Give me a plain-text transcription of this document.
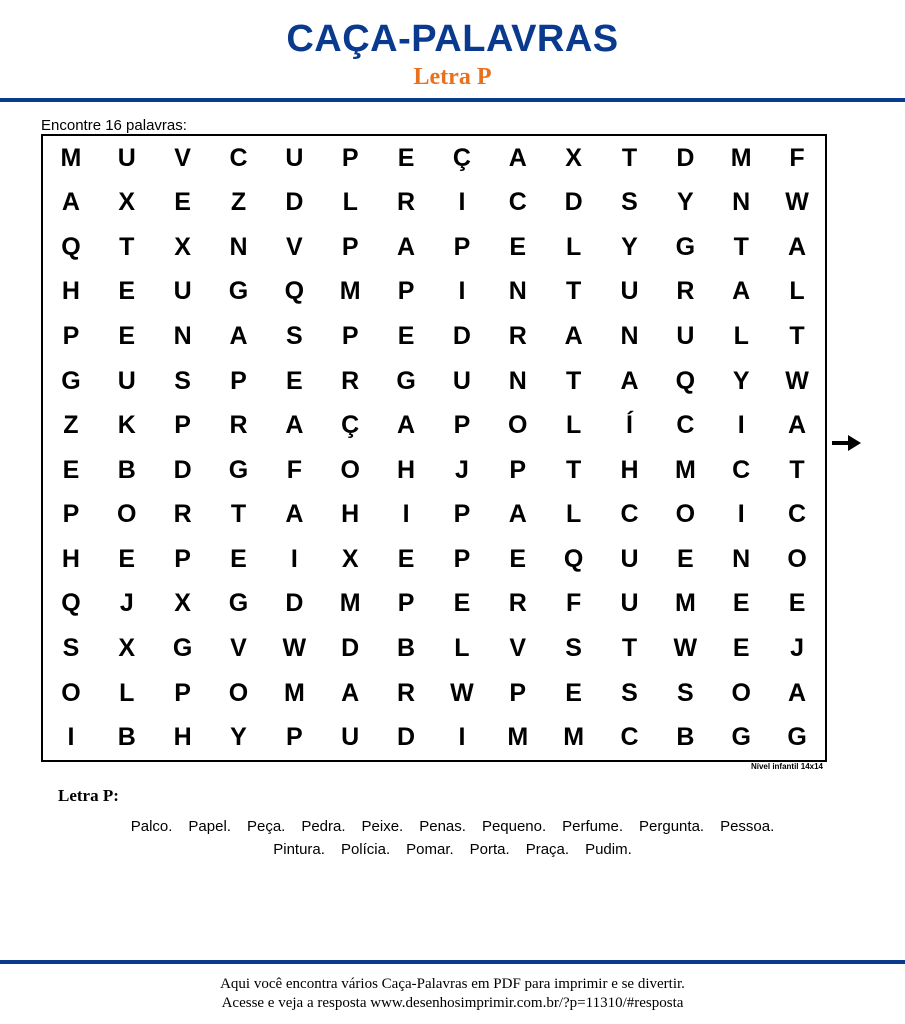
CAÇA-PALAVRAS
Letra P
Encontre 16 palavras:
M	U	V	C	U	P	E	Ç	A	X	T	D	M	F
A	X	E	Z	D	L	R	I	C	D	S	Y	N	W
Q	T	X	N	V	P	A	P	E	L	Y	G	T	A
H	E	U	G	Q	M	P	I	N	T	U	R	A	L
P	E	N	A	S	P	E	D	R	A	N	U	L	T
G	U	S	P	E	R	G	U	N	T	A	Q	Y	W
Z	K	P	R	A	Ç	A	P	O	L	Í	C	I	A
E	B	D	G	F	O	H	J	P	T	H	M	C	T
P	O	R	T	A	H	I	P	A	L	C	O	I	C
H	E	P	E	I	X	E	P	E	Q	U	E	N	O
Q	J	X	G	D	M	P	E	R	F	U	M	E	E
S	X	G	V	W	D	B	L	V	S	T	W	E	J
O	L	P	O	M	A	R	W	P	E	S	S	O	A
I	B	H	Y	P	U	D	I	M	M	C	B	G	G
Nível infantil 14x14
Letra P:
Palco. Papel. Peça. Pedra. Peixe. Penas. Pequeno. Perfume. Pergunta. Pessoa.
Pintura. Polícia. Pomar. Porta. Praça. Pudim.
Aqui você encontra vários Caça-Palavras em PDF para imprimir e se divertir.
Acesse e veja a resposta www.desenhosimprimir.com.br/?p=11310/#resposta
